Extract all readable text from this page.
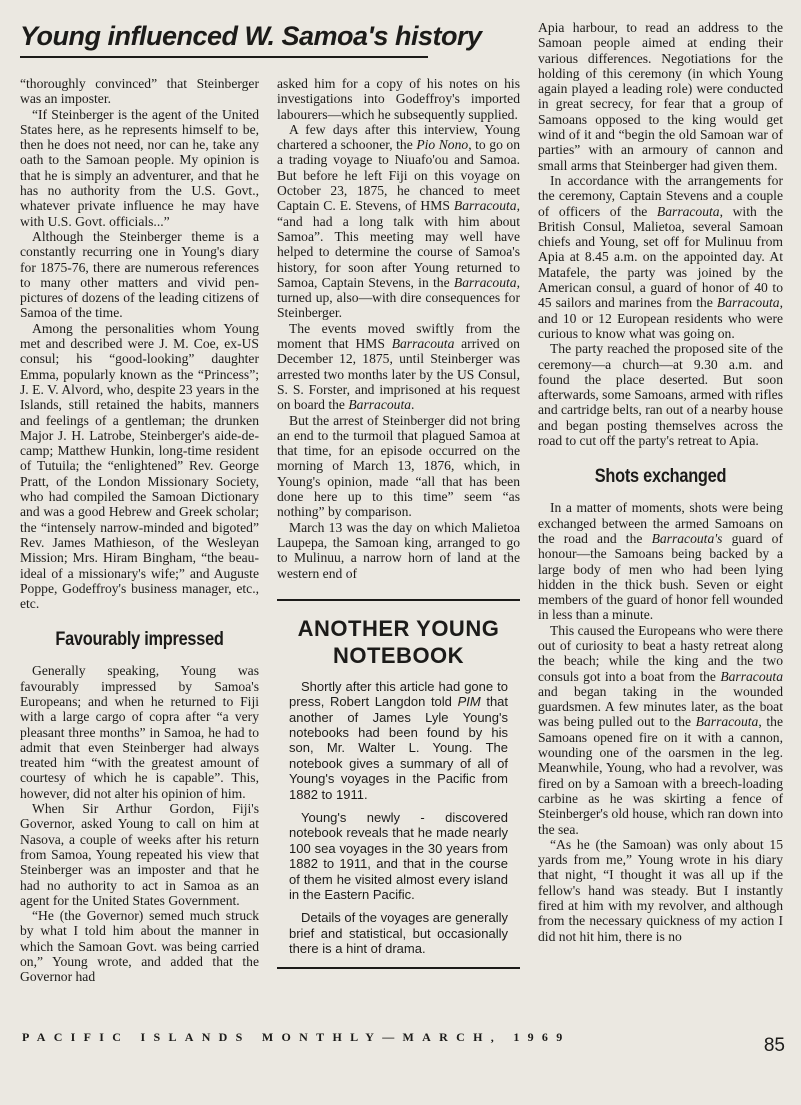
Young influenced W. Samoa's history

“thoroughly convinced” that Steinberger was an imposter.

“If Steinberger is the agent of the United States here, as he represents himself to be, then he does not need, nor can he, take any oath to the Samoan people. My opinion is that he is simply an adventurer, and that he has no authority from the U.S. Govt., whatever private influence he may have with U.S. Govt. officials...”

Although the Steinberger theme is a constantly recurring one in Young's diary for 1875-76, there are numerous references to many other matters and vivid pen-pictures of dozens of the leading citizens of Samoa of the time.

Among the personalities whom Young met and described were J. M. Coe, ex-US consul; his “good-looking” daughter Emma, popularly known as the “Princess”; J. E. V. Alvord, who, despite 23 years in the Islands, still retained the habits, manners and feelings of a gentleman; the drunken Major J. H. Latrobe, Steinberger's aide-de-camp; Matthew Hunkin, long-time resident of Tutuila; the “enlightened” Rev. George Pratt, of the London Missionary Society, who had compiled the Samoan Dictionary and was a good Hebrew and Greek scholar; the “intensely narrow-minded and bigoted” Rev. James Mathieson, of the Wesleyan Mission; Mrs. Hiram Bingham, “the beau-ideal of a missionary's wife;” and Auguste Poppe, Godeffroy's business manager, etc., etc.

Favourably impressed

Generally speaking, Young was favourably impressed by Samoa's Europeans; and when he returned to Fiji with a large cargo of copra after “a very pleasant three months” in Samoa, he had to admit that even Steinberger had always treated him “with the greatest amount of courtesy of which he is capable”. This, however, did not alter his opinion of him.

When Sir Arthur Gordon, Fiji's Governor, asked Young to call on him at Nasova, a couple of weeks after his return from Samoa, Young repeated his view that Steinberger was an imposter and that he had no authority to act in Samoa as an agent for the United States Government.

“He (the Governor) semed much struck by what I told him about the manner in which the Samoan Govt. was being carried on,” Young wrote, and added that the Governor had

asked him for a copy of his notes on his investigations into Godeffroy's imported labourers—which he subsequently supplied.

A few days after this interview, Young chartered a schooner, the Pio Nono, to go on a trading voyage to Niuafo'ou and Samoa. But before he left Fiji on this voyage on October 23, 1875, he chanced to meet Captain C. E. Stevens, of HMS Barracouta, “and had a long talk with him about Samoa”. This meeting may well have helped to determine the course of Samoa's history, for soon after Young returned to Samoa, Captain Stevens, in the Barracouta, turned up, also—with dire consequences for Steinberger.

The events moved swiftly from the moment that HMS Barracouta arrived on December 12, 1875, until Steinberger was arrested two months later by the US Consul, S. S. Forster, and imprisoned at his request on board the Barracouta.

But the arrest of Steinberger did not bring an end to the turmoil that plagued Samoa at that time, for an episode occurred on the morning of March 13, 1876, which, in Young's opinion, made “all that has been done here up to this time” seem “as nothing” by comparison.

March 13 was the day on which Malietoa Laupepa, the Samoan king, arranged to go to Mulinuu, a narrow horn of land at the western end of

ANOTHER YOUNG
NOTEBOOK

Shortly after this article had gone to press, Robert Langdon told PIM that another of James Lyle Young's notebooks had been found by his son, Mr. Walter L. Young. The notebook gives a summary of all of Young's voyages in the Pacific from 1882 to 1911.

Young's newly - discovered notebook reveals that he made nearly 100 sea voyages in the 30 years from 1882 to 1911, and that in the course of them he visited almost every island in the Eastern Pacific.

Details of the voyages are generally brief and statistical, but occasionally there is a hint of drama.

Apia harbour, to read an address to the Samoan people aimed at ending their various differences. Negotiations for the holding of this ceremony (in which Young again played a leading role) were conducted in great secrecy, for fear that a group of Samoans opposed to the king would get wind of it and “begin the old Samoan war of parties” with an armoury of cannon and small arms that Steinberger had given them.

In accordance with the arrangements for the ceremony, Captain Stevens and a couple of officers of the Barracouta, with the British Consul, Malietoa, several Samoan chiefs and Young, set off for Mulinuu from Apia at 8.45 a.m. on the appointed day. At Matafele, the party was joined by the American consul, a guard of honor of 40 to 45 sailors and marines from the Barracouta, and 10 or 12 European residents who were curious to know what was going on.

The party reached the proposed site of the ceremony—a church—at 9.30 a.m. and found the place deserted. But soon afterwards, some Samoans, armed with rifles and cartridge belts, ran out of a nearby house and began posting themselves across the road to cut off the party's retreat to Apia.

Shots exchanged

In a matter of moments, shots were being exchanged between the armed Samoans on the road and the Barracouta's guard of honour—the Samoans being backed by a large body of men who had been lying hidden in the thick bush. Seven or eight members of the guard of honor fell wounded in less than a minute.

This caused the Europeans who were there out of curiosity to beat a hasty retreat along the beach; while the king and the two consuls got into a boat from the Barracouta and began taking in the wounded guardsmen. A few minutes later, as the boat was being pulled out to the Barracouta, the Samoans opened fire on it with a cannon, wounding one of the oarsmen in the leg. Meanwhile, Young, who had a revolver, was fired on by a Samoan with a breech-loading carbine as he was skirting a fence of Steinberger's old house, which ran down into the sea.

“As he (the Samoan) was only about 15 yards from me,” Young wrote in his diary that night, “I thought it was all up if the fellow's hand was steady. But I instantly fired at him with my revolver, and although from the necessary quickness of my action I did not hit him, there is no

PACIFIC ISLANDS MONTHLY—MARCH, 1969	85
